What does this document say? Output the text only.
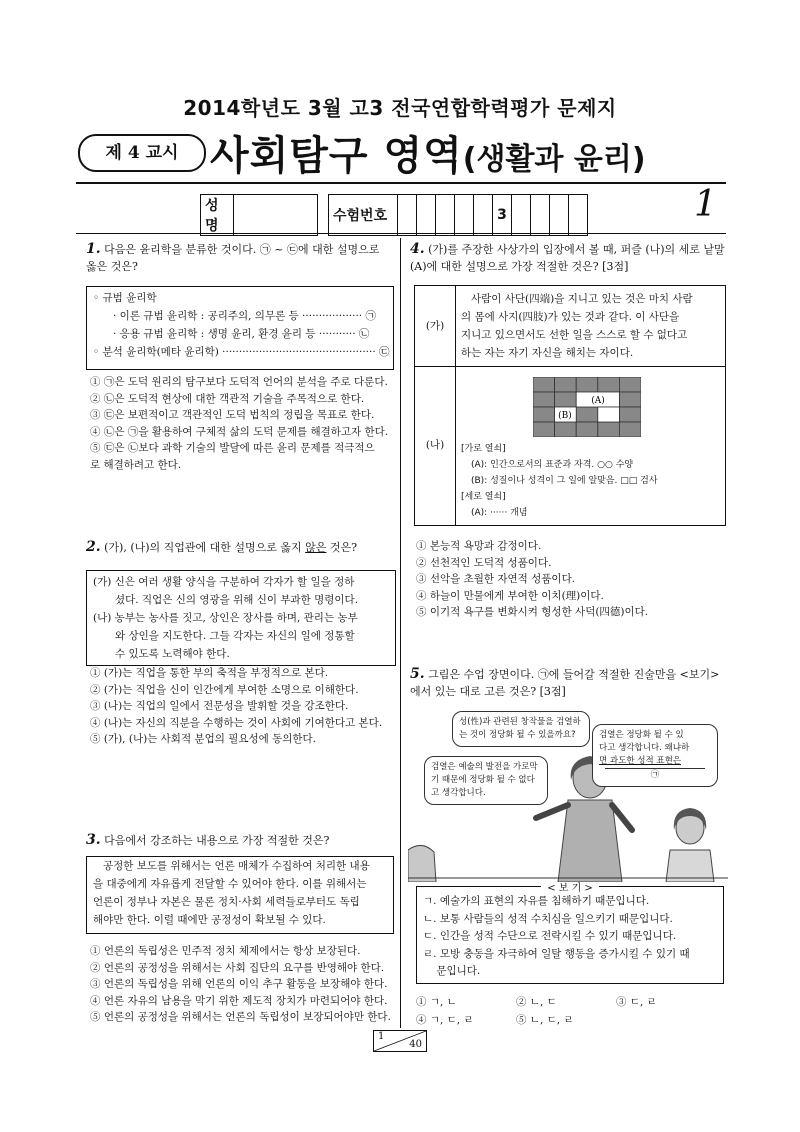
2014학년도 3월 고3 전국연합학력평가 문제지
제 4 교시 사회탐구 영역(생활과 윤리)
성명			수험번호						3					1
1. 다음은 윤리학을 분류한 것이다. ㉠ ~ ㉢에 대한 설명으로 옳은 것은?
◦ 규범 윤리학
· 이론 규범 윤리학 : 공리주의, 의무론 등 ·················· ㉠
· 응용 규범 윤리학 : 생명 윤리, 환경 윤리 등 ··········· ㉡
◦ 분석 윤리학(메타 윤리학) ·············································· ㉢
① ㉠은 도덕 원리의 탐구보다 도덕적 언어의 분석을 주로 다룬다.
② ㉡은 도덕적 현상에 대한 객관적 기술을 주목적으로 한다.
③ ㉢은 보편적이고 객관적인 도덕 법칙의 정립을 목표로 한다.
④ ㉡은 ㉠을 활용하여 구체적 삶의 도덕 문제를 해결하고자 한다.
⑤ ㉢은 ㉡보다 과학 기술의 발달에 따른 윤리 문제를 적극적으
로 해결하려고 한다.
2. (가), (나)의 직업관에 대한 설명으로 옳지 않은 것은?
(가) 신은 여러 생활 양식을 구분하여 각자가 할 일을 정하
셨다. 직업은 신의 영광을 위해 신이 부과한 명령이다.
(나) 농부는 농사를 짓고, 상인은 장사를 하며, 관리는 농부
와 상인을 지도한다. 그들 각자는 자신의 일에 정통할
수 있도록 노력해야 한다.
① (가)는 직업을 통한 부의 축적을 부정적으로 본다.
② (가)는 직업을 신이 인간에게 부여한 소명으로 이해한다.
③ (나)는 직업의 일에서 전문성을 발휘할 것을 강조한다.
④ (나)는 자신의 직분을 수행하는 것이 사회에 기여한다고 본다.
⑤ (가), (나)는 사회적 분업의 필요성에 동의한다.
3. 다음에서 강조하는 내용으로 가장 적절한 것은?
공정한 보도를 위해서는 언론 매체가 수집하여 처리한 내용
을 대중에게 자유롭게 전달할 수 있어야 한다. 이를 위해서는
언론이 정부나 자본은 물론 정치·사회 세력들로부터도 독립
해야만 한다. 이럴 때에만 공정성이 확보될 수 있다.
① 언론의 독립성은 민주적 정치 체제에서는 항상 보장된다.
② 언론의 공정성을 위해서는 사회 집단의 요구를 반영해야 한다.
③ 언론의 독립성을 위해 언론의 이익 추구 활동을 보장해야 한다.
④ 언론 자유의 남용을 막기 위한 제도적 장치가 마련되어야 한다.
⑤ 언론의 공정성을 위해서는 언론의 독립성이 보장되어야만 한다.
4. (가)를 주장한 사상가의 입장에서 볼 때, 퍼즐 (나)의 세로 낱말 (A)에 대한 설명으로 가장 적절한 것은? [3점]
(가)
사람이 사단(四端)을 지니고 있는 것은 마치 사람
의 몸에 사지(四肢)가 있는 것과 같다. 이 사단을
지니고 있으면서도 선한 일을 스스로 할 수 없다고
하는 자는 자기 자신을 해치는 자이다.
(나)
(A)
(B)
[가로 열쇠]
(A): 인간으로서의 표준과 자격. ○○ 수양
(B): 성질이나 성격이 그 일에 알맞음. □□ 검사
[세로 열쇠]
(A): ······ 개념
① 본능적 욕망과 감정이다.
② 선천적인 도덕적 성품이다.
③ 선악을 초월한 자연적 성품이다.
④ 하늘이 만물에게 부여한 이치(理)이다.
⑤ 이기적 욕구를 변화시켜 형성한 사덕(四德)이다.
5. 그림은 수업 장면이다. ㉠에 들어갈 적절한 진술만을 <보기>에서 있는 대로 고른 것은? [3점]
성(性)과 관련된 창작물을 검열하는 것이 정당화 될 수 있을까요?
검열은 예술의 발전을 가로막기 때문에 정당화 될 수 없다고 생각합니다.
검열은 정당화 될 수 있
다고 생각합니다. 왜냐하
면 과도한 성적 표현은
㉠
< 보 기 >
ㄱ. 예술가의 표현의 자유를 침해하기 때문입니다.
ㄴ. 보통 사람들의 성적 수치심을 일으키기 때문입니다.
ㄷ. 인간을 성적 수단으로 전락시킬 수 있기 때문입니다.
ㄹ. 모방 충동을 자극하여 일탈 행동을 증가시킬 수 있기 때
문입니다.
① ㄱ, ㄴ	② ㄴ, ㄷ	③ ㄷ, ㄹ
④ ㄱ, ㄷ, ㄹ	⑤ ㄴ, ㄷ, ㄹ
1
40
